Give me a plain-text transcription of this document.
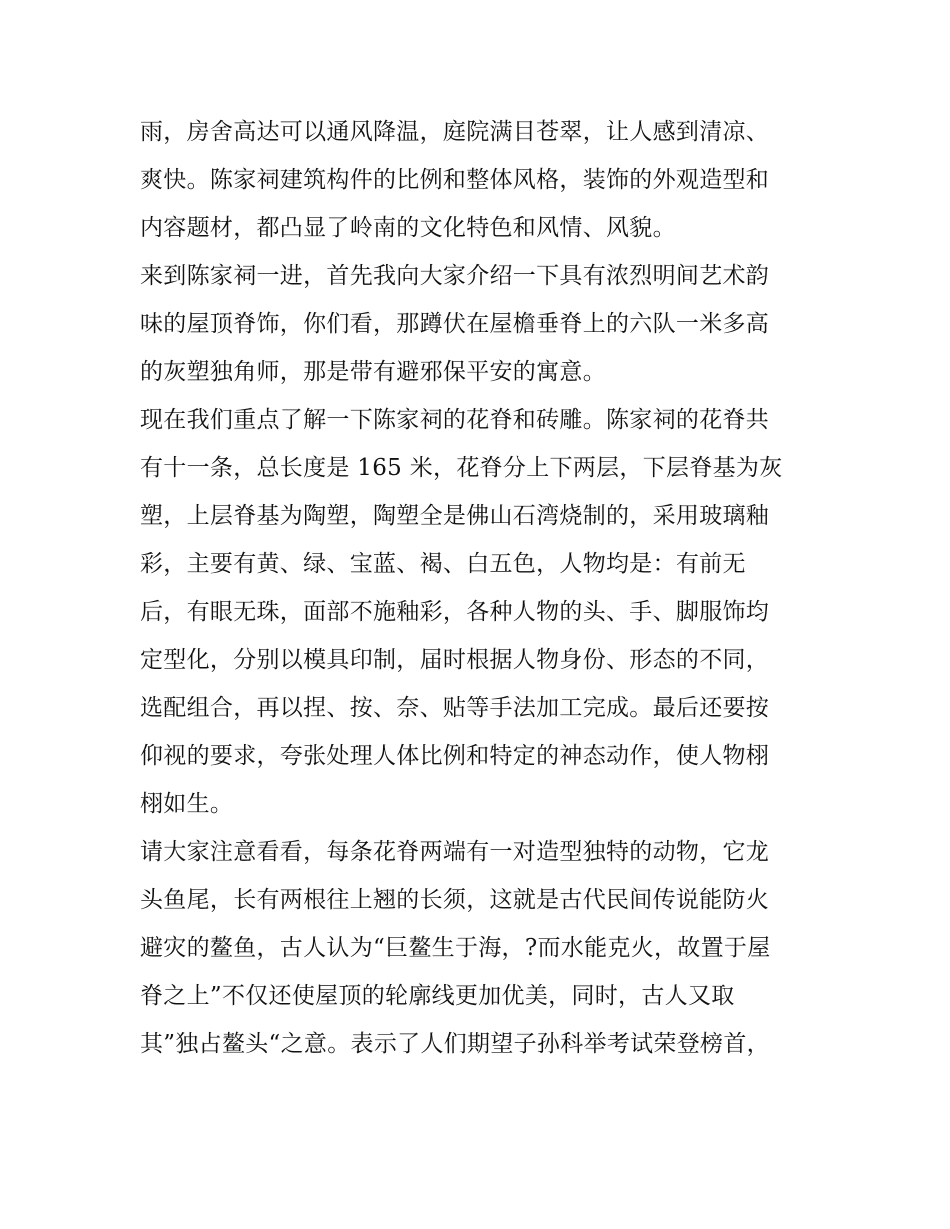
雨，房舍高达可以通风降温，庭院满目苍翠，让人感到清凉、
爽快。陈家祠建筑构件的比例和整体风格，装饰的外观造型和
内容题材，都凸显了岭南的文化特色和风情、风貌。
来到陈家祠一进，首先我向大家介绍一下具有浓烈明间艺术韵
味的屋顶脊饰，你们看，那蹲伏在屋檐垂脊上的六队一米多高
的灰塑独角师，那是带有避邪保平安的寓意。
现在我们重点了解一下陈家祠的花脊和砖雕。陈家祠的花脊共
有十一条，总长度是 165 米，花脊分上下两层，下层脊基为灰
塑，上层脊基为陶塑，陶塑全是佛山石湾烧制的，采用玻璃釉
彩，主要有黄、绿、宝蓝、褐、白五色，人物均是：有前无
后，有眼无珠，面部不施釉彩，各种人物的头、手、脚服饰均
定型化，分别以模具印制，届时根据人物身份、形态的不同，
选配组合，再以捏、按、奈、贴等手法加工完成。最后还要按
仰视的要求，夸张处理人体比例和特定的神态动作，使人物栩
栩如生。
请大家注意看看，每条花脊两端有一对造型独特的动物，它龙
头鱼尾，长有两根往上翘的长须，这就是古代民间传说能防火
避灾的鳌鱼，古人认为“巨鳌生于海，?而水能克火，故置于屋
脊之上”不仅还使屋顶的轮廓线更加优美，同时，古人又取
其”独占鳌头“之意。表示了人们期望子孙科举考试荣登榜首，
